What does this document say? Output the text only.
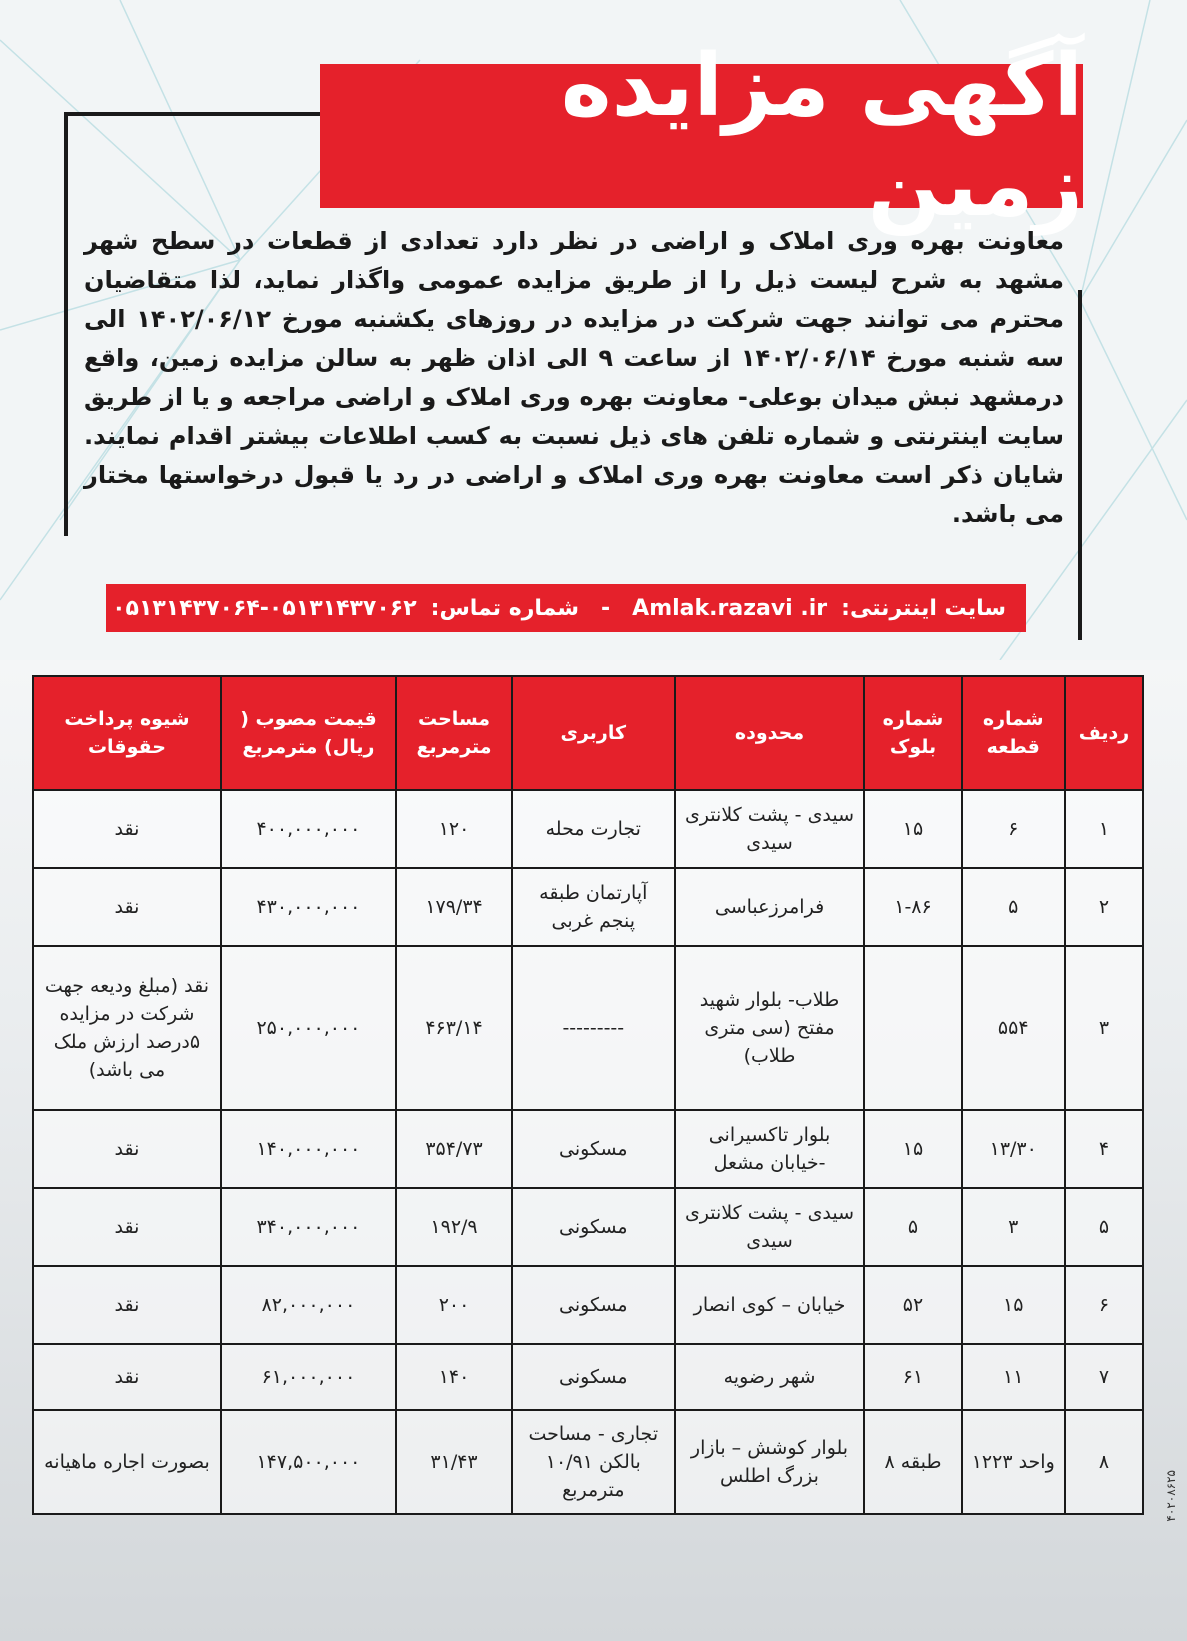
آگهی مزایده زمین

معاونت بهره وری املاک و اراضی در نظر دارد تعدادی از قطعات در سطح شهر مشهد به شرح لیست ذیل را از طریق مزایده عمومی واگذار نماید، لذا متقاضیان محترم می توانند جهت شرکت در مزایده در روزهای یکشنبه مورخ ۱۴۰۲/۰۶/۱۲ الی سه شنبه مورخ ۱۴۰۲/۰۶/۱۴ از ساعت ۹ الی اذان ظهر به سالن مزایده زمین، واقع درمشهد نبش میدان بوعلی- معاونت بهره وری املاک و اراضی مراجعه و یا از طریق سایت اینترنتی و شماره تلفن های ذیل نسبت به کسب اطلاعات بیشتر اقدام نمایند. شایان ذکر است معاونت بهره وری املاک و اراضی در رد یا قبول درخواستها مختار می باشد.

سایت اینترنتی:
Amlak.razavi .ir
-
شماره تماس:
۰۵۱۳۱۴۳۷۰۶۴-۰۵۱۳۱۴۳۷۰۶۲
ردیف	شماره قطعه	شماره بلوک	محدوده	کاربری	مساحت مترمربع	قیمت مصوب ( ریال) مترمربع	شیوه پرداخت حقوقات
۱	۶	۱۵	سیدی - پشت کلانتری سیدی	تجارت محله	۱۲۰	۴۰۰,۰۰۰,۰۰۰	نقد
۲	۵	۱-۸۶	فرامرزعباسی	آپارتمان طبقه پنجم غربی	۱۷۹/۳۴	۴۳۰,۰۰۰,۰۰۰	نقد
۳	۵۵۴		طلاب- بلوار شهید مفتح (سی متری طلاب)	---------	۴۶۳/۱۴	۲۵۰,۰۰۰,۰۰۰	نقد (مبلغ ودیعه جهت شرکت در مزایده ۵درصد ارزش ملک می باشد)
۴	۱۳/۳۰	۱۵	بلوار تاکسیرانی -خیابان مشعل	مسکونی	۳۵۴/۷۳	۱۴۰,۰۰۰,۰۰۰	نقد
۵	۳	۵	سیدی - پشت کلانتری سیدی	مسکونی	۱۹۲/۹	۳۴۰,۰۰۰,۰۰۰	نقد
۶	۱۵	۵۲	خیابان – کوی انصار	مسکونی	۲۰۰	۸۲,۰۰۰,۰۰۰	نقد
۷	۱۱	۶۱	شهر رضویه	مسکونی	۱۴۰	۶۱,۰۰۰,۰۰۰	نقد
۸	واحد ۱۲۲۳	طبقه ۸	بلوار کوشش – بازار بزرگ اطلس	تجاری - مساحت بالکن ۱۰/۹۱ مترمربع	۳۱/۴۳	۱۴۷,۵۰۰,۰۰۰	بصورت اجاره ماهیانه
۴۰۲۰۸۶۲۵
